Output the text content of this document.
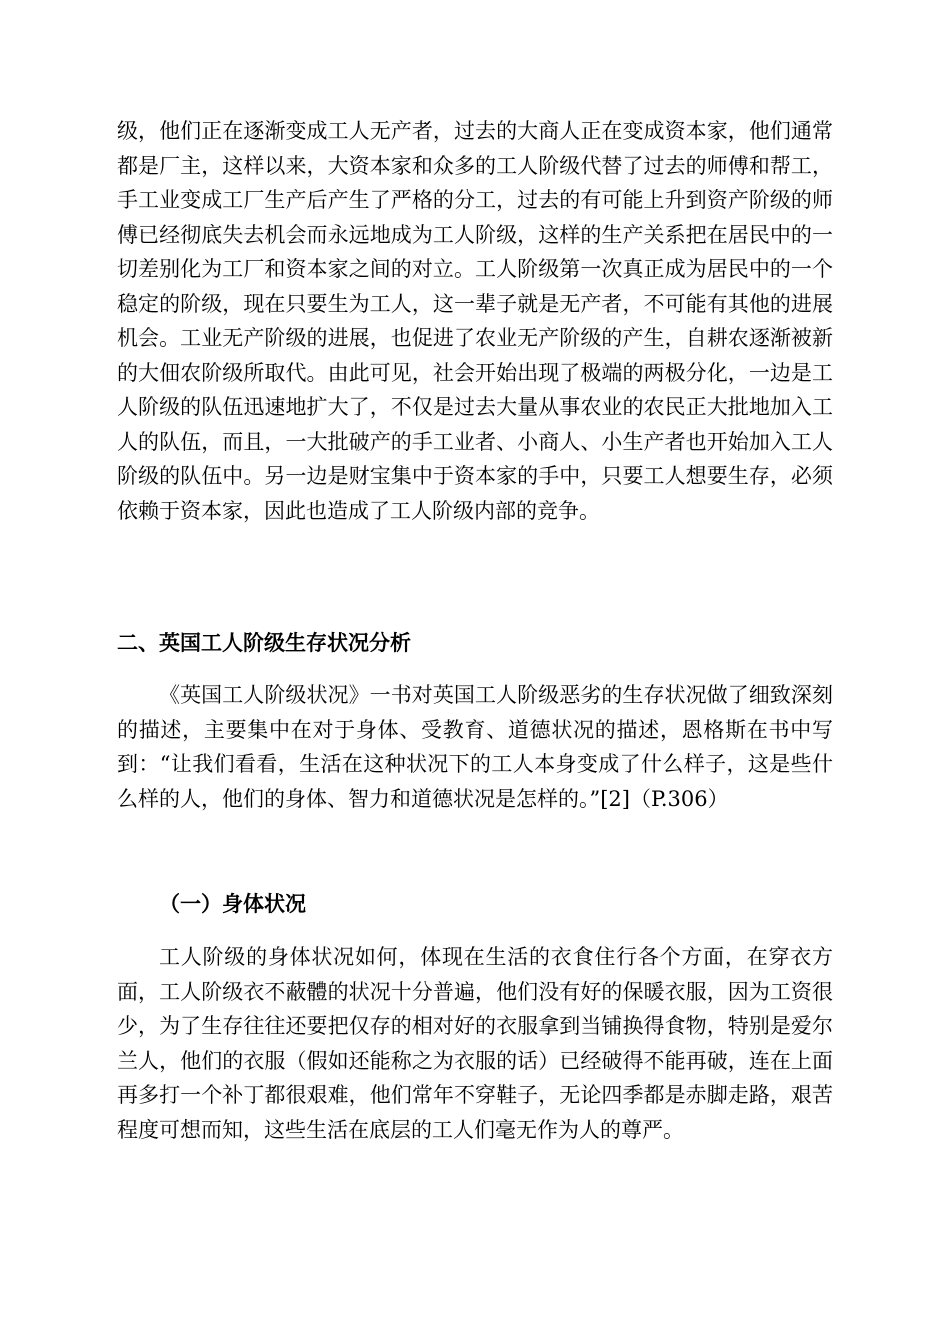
级，他们正在逐渐变成工人无产者，过去的大商人正在变成资本家，他们通常都是厂主，这样以来，大资本家和众多的工人阶级代替了过去的师傅和帮工，手工业变成工厂生产后产生了严格的分工，过去的有可能上升到资产阶级的师傅已经彻底失去机会而永远地成为工人阶级，这样的生产关系把在居民中的一切差别化为工厂和资本家之间的对立。工人阶级第一次真正成为居民中的一个稳定的阶级，现在只要生为工人，这一辈子就是无产者，不可能有其他的进展机会。工业无产阶级的进展，也促进了农业无产阶级的产生，自耕农逐渐被新的大佃农阶级所取代。由此可见，社会开始出现了极端的两极分化，一边是工人阶级的队伍迅速地扩大了，不仅是过去大量从事农业的农民正大批地加入工人的队伍，而且，一大批破产的手工业者、小商人、小生产者也开始加入工人阶级的队伍中。另一边是财宝集中于资本家的手中，只要工人想要生存，必须依赖于资本家，因此也造成了工人阶级内部的竞争。

二、英国工人阶级生存状况分析

《英国工人阶级状况》一书对英国工人阶级恶劣的生存状况做了细致深刻的描述，主要集中在对于身体、受教育、道德状况的描述，恩格斯在书中写到：“让我们看看，生活在这种状况下的工人本身变成了什么样子，这是些什么样的人，他们的身体、智力和道德状况是怎样的。”[2]（P.306）

（一）身体状况

工人阶级的身体状况如何，体现在生活的衣食住行各个方面，在穿衣方面，工人阶级衣不蔽體的状况十分普遍，他们没有好的保暖衣服，因为工资很少，为了生存往往还要把仅存的相对好的衣服拿到当铺换得食物，特别是爱尔兰人，他们的衣服（假如还能称之为衣服的话）已经破得不能再破，连在上面再多打一个补丁都很艰难，他们常年不穿鞋子，无论四季都是赤脚走路，艰苦程度可想而知，这些生活在底层的工人们毫无作为人的尊严。
